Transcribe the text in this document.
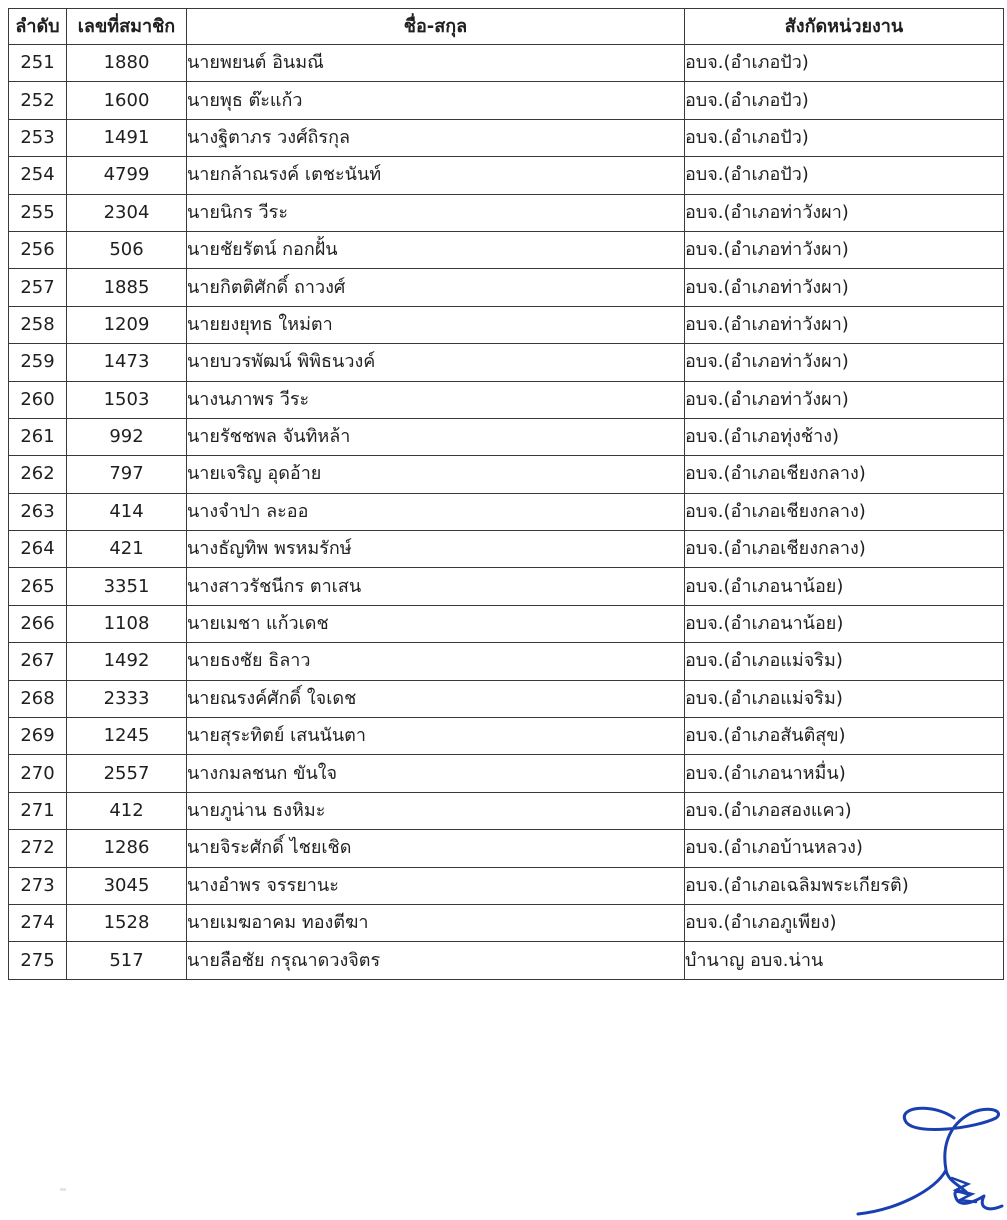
ลำดับ	เลขที่สมาชิก	ชื่อ-สกุล	สังกัดหน่วยงาน
251	1880	นายพยนต์ อินมณี	อบจ.(อำเภอปัว)
252	1600	นายพุธ ต๊ะแก้ว	อบจ.(อำเภอปัว)
253	1491	นางฐิตาภร วงศ์ถิรกุล	อบจ.(อำเภอปัว)
254	4799	นายกล้าณรงค์ เตชะนันท์	อบจ.(อำเภอปัว)
255	2304	นายนิกร วีระ	อบจ.(อำเภอท่าวังผา)
256	506	นายชัยรัตน์ กอกฝั้น	อบจ.(อำเภอท่าวังผา)
257	1885	นายกิตติศักดิ์ ถาวงศ์	อบจ.(อำเภอท่าวังผา)
258	1209	นายยงยุทธ ใหม่ตา	อบจ.(อำเภอท่าวังผา)
259	1473	นายบวรพัฒน์ พิพิธนวงค์	อบจ.(อำเภอท่าวังผา)
260	1503	นางนภาพร วีระ	อบจ.(อำเภอท่าวังผา)
261	992	นายรัชชพล จันทิหล้า	อบจ.(อำเภอทุ่งช้าง)
262	797	นายเจริญ อุดอ้าย	อบจ.(อำเภอเชียงกลาง)
263	414	นางจำปา ละออ	อบจ.(อำเภอเชียงกลาง)
264	421	นางธัญทิพ พรหมรักษ์	อบจ.(อำเภอเชียงกลาง)
265	3351	นางสาวรัชนีกร ตาเสน	อบจ.(อำเภอนาน้อย)
266	1108	นายเมชา แก้วเดช	อบจ.(อำเภอนาน้อย)
267	1492	นายธงชัย ธิลาว	อบจ.(อำเภอแม่จริม)
268	2333	นายณรงค์ศักดิ์ ใจเดช	อบจ.(อำเภอแม่จริม)
269	1245	นายสุระทิตย์ เสนนันตา	อบจ.(อำเภอสันติสุข)
270	2557	นางกมลชนก ขันใจ	อบจ.(อำเภอนาหมื่น)
271	412	นายภูน่าน ธงหิมะ	อบจ.(อำเภอสองแคว)
272	1286	นายจิระศักดิ์ ไชยเชิด	อบจ.(อำเภอบ้านหลวง)
273	3045	นางอำพร จรรยานะ	อบจ.(อำเภอเฉลิมพระเกียรติ)
274	1528	นายเมฆอาคม ทองตีฆา	อบจ.(อำเภอภูเพียง)
275	517	นายลือชัย กรุณาดวงจิตร	บำนาญ อบจ.น่าน
